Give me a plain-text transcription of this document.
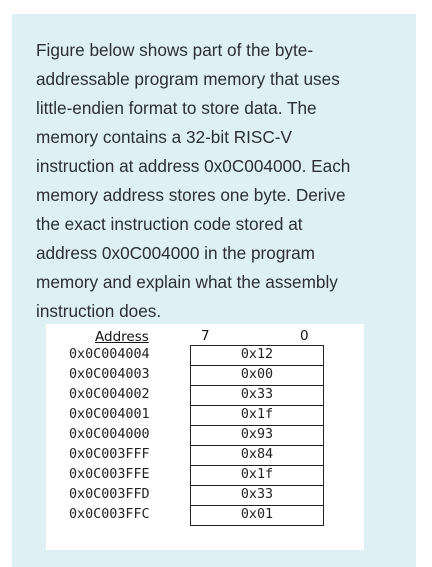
Figure below shows part of the byte-
addressable program memory that uses
little-endien format to store data. The
memory contains a 32-bit RISC-V
instruction at address 0x0C004000. Each
memory address stores one byte. Derive
the exact instruction code stored at
address 0x0C004000 in the program
memory and explain what the assembly
instruction does.
Address	7	0
0x0C004004	0x12
0x0C004003	0x00
0x0C004002	0x33
0x0C004001	0x1f
0x0C004000	0x93
0x0C003FFF	0x84
0x0C003FFE	0x1f
0x0C003FFD	0x33
0x0C003FFC	0x01
